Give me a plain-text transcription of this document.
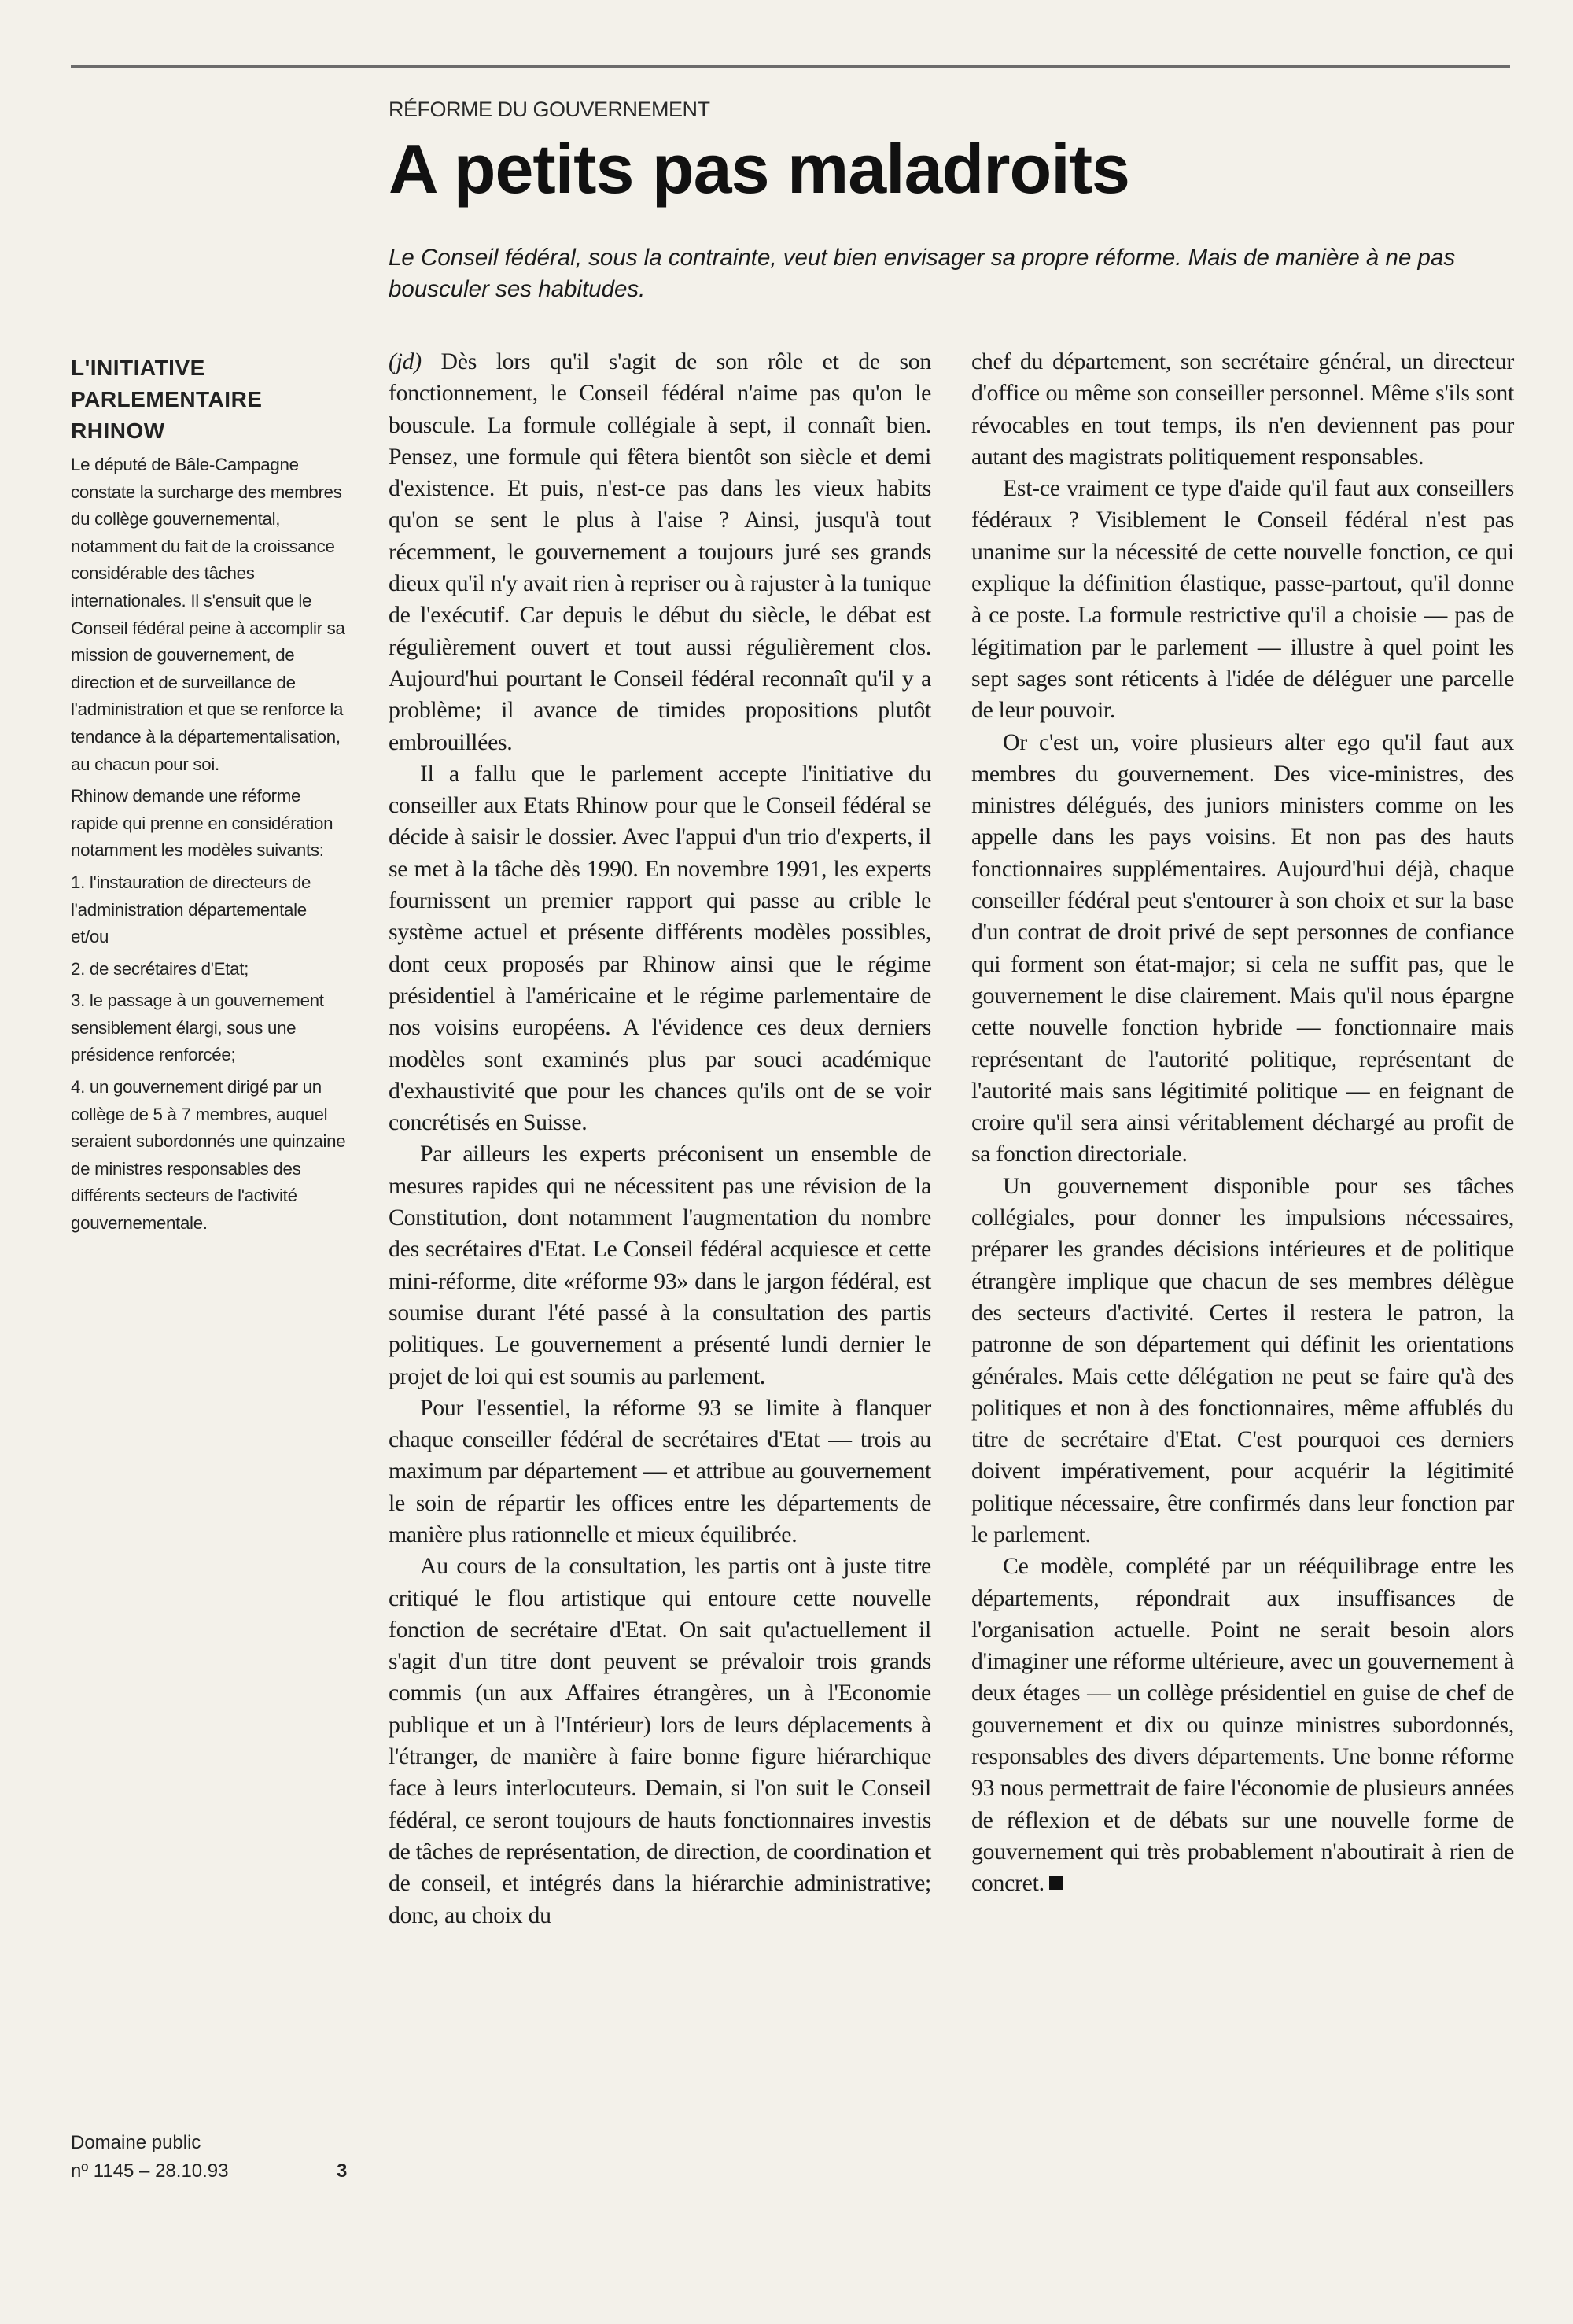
RÉFORME DU GOUVERNEMENT
A petits pas maladroits

Le Conseil fédéral, sous la contrainte, veut bien envisager sa propre réforme. Mais de manière à ne pas bousculer ses habitudes.

L'INITIATIVE PARLEMENTAIRE RHINOW

Le député de Bâle-Campagne constate la surcharge des membres du collège gouvernemental, notamment du fait de la croissance considérable des tâches internationales. Il s'ensuit que le Conseil fédéral peine à accomplir sa mission de gouvernement, de direction et de surveillance de l'administration et que se renforce la tendance à la départementalisation, au chacun pour soi.

Rhinow demande une réforme rapide qui prenne en considération notamment les modèles suivants:

1. l'instauration de directeurs de l'administration départementale et/ou

2. de secrétaires d'Etat;

3. le passage à un gouvernement sensiblement élargi, sous une présidence renforcée;

4. un gouvernement dirigé par un collège de 5 à 7 membres, auquel seraient subordonnés une quinzaine de ministres responsables des différents secteurs de l'activité gouvernementale.

(jd) Dès lors qu'il s'agit de son rôle et de son fonctionnement, le Conseil fédéral n'aime pas qu'on le bouscule. La formule collégiale à sept, il connaît bien. Pensez, une formule qui fêtera bientôt son siècle et demi d'existence. Et puis, n'est-ce pas dans les vieux habits qu'on se sent le plus à l'aise ? Ainsi, jusqu'à tout récemment, le gouvernement a toujours juré ses grands dieux qu'il n'y avait rien à repriser ou à rajuster à la tunique de l'exécutif. Car depuis le début du siècle, le débat est régulièrement ouvert et tout aussi régulièrement clos. Aujourd'hui pourtant le Conseil fédéral reconnaît qu'il y a problème; il avance de timides propositions plutôt embrouillées.

Il a fallu que le parlement accepte l'initiative du conseiller aux Etats Rhinow pour que le Conseil fédéral se décide à saisir le dossier. Avec l'appui d'un trio d'experts, il se met à la tâche dès 1990. En novembre 1991, les experts fournissent un premier rapport qui passe au crible le système actuel et présente différents modèles possibles, dont ceux proposés par Rhinow ainsi que le régime présidentiel à l'américaine et le régime parlementaire de nos voisins européens. A l'évidence ces deux derniers modèles sont examinés plus par souci académique d'exhaustivité que pour les chances qu'ils ont de se voir concrétisés en Suisse.

Par ailleurs les experts préconisent un ensemble de mesures rapides qui ne nécessitent pas une révision de la Constitution, dont notamment l'augmentation du nombre des secrétaires d'Etat. Le Conseil fédéral acquiesce et cette mini-réforme, dite «réforme 93» dans le jargon fédéral, est soumise durant l'été passé à la consultation des partis politiques. Le gouvernement a présenté lundi dernier le projet de loi qui est soumis au parlement.

Pour l'essentiel, la réforme 93 se limite à flanquer chaque conseiller fédéral de secrétaires d'Etat — trois au maximum par département — et attribue au gouvernement le soin de répartir les offices entre les départements de manière plus rationnelle et mieux équilibrée.

Au cours de la consultation, les partis ont à juste titre critiqué le flou artistique qui entoure cette nouvelle fonction de secrétaire d'Etat. On sait qu'actuellement il s'agit d'un titre dont peuvent se prévaloir trois grands commis (un aux Affaires étrangères, un à l'Economie publique et un à l'Intérieur) lors de leurs déplacements à l'étranger, de manière à faire bonne figure hiérarchique face à leurs interlocuteurs. Demain, si l'on suit le Conseil fédéral, ce seront toujours de hauts fonctionnaires investis de tâches de représentation, de direction, de coordination et de conseil, et intégrés dans la hiérarchie administrative; donc, au choix du

chef du département, son secrétaire général, un directeur d'office ou même son conseiller personnel. Même s'ils sont révocables en tout temps, ils n'en deviennent pas pour autant des magistrats politiquement responsables.

Est-ce vraiment ce type d'aide qu'il faut aux conseillers fédéraux ? Visiblement le Conseil fédéral n'est pas unanime sur la nécessité de cette nouvelle fonction, ce qui explique la définition élastique, passe-partout, qu'il donne à ce poste. La formule restrictive qu'il a choisie — pas de légitimation par le parlement — illustre à quel point les sept sages sont réticents à l'idée de déléguer une parcelle de leur pouvoir.

Or c'est un, voire plusieurs alter ego qu'il faut aux membres du gouvernement. Des vice-ministres, des ministres délégués, des juniors ministers comme on les appelle dans les pays voisins. Et non pas des hauts fonctionnaires supplémentaires. Aujourd'hui déjà, chaque conseiller fédéral peut s'entourer à son choix et sur la base d'un contrat de droit privé de sept personnes de confiance qui forment son état-major; si cela ne suffit pas, que le gouvernement le dise clairement. Mais qu'il nous épargne cette nouvelle fonction hybride — fonctionnaire mais représentant de l'autorité politique, représentant de l'autorité mais sans légitimité politique — en feignant de croire qu'il sera ainsi véritablement déchargé au profit de sa fonction directoriale.

Un gouvernement disponible pour ses tâches collégiales, pour donner les impulsions nécessaires, préparer les grandes décisions intérieures et de politique étrangère implique que chacun de ses membres délègue des secteurs d'activité. Certes il restera le patron, la patronne de son département qui définit les orientations générales. Mais cette délégation ne peut se faire qu'à des politiques et non à des fonctionnaires, même affublés du titre de secrétaire d'Etat. C'est pourquoi ces derniers doivent impérativement, pour acquérir la légitimité politique nécessaire, être confirmés dans leur fonction par le parlement.

Ce modèle, complété par un rééquilibrage entre les départements, répondrait aux insuffisances de l'organisation actuelle. Point ne serait besoin alors d'imaginer une réforme ultérieure, avec un gouvernement à deux étages — un collège présidentiel en guise de chef de gouvernement et dix ou quinze ministres subordonnés, responsables des divers départements. Une bonne réforme 93 nous permettrait de faire l'économie de plusieurs années de réflexion et de débats sur une nouvelle forme de gouvernement qui très probablement n'aboutirait à rien de concret.

Domaine public
nº 1145 – 28.10.93	3
